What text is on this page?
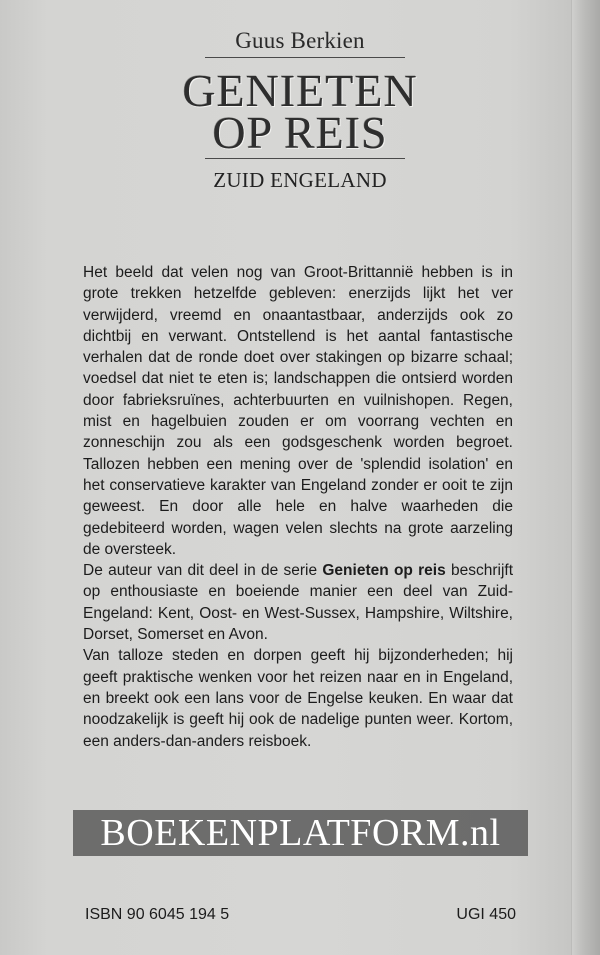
Guus Berkien
GENIETEN
OP REIS
ZUID ENGELAND

Het beeld dat velen nog van Groot-Brittannië hebben is in grote trekken hetzelfde gebleven: enerzijds lijkt het ver verwijderd, vreemd en onaantastbaar, anderzijds ook zo dichtbij en verwant. Ontstellend is het aantal fantastische verhalen dat de ronde doet over stakingen op bizarre schaal; voedsel dat niet te eten is; landschappen die ontsierd worden door fabrieksruïnes, achterbuurten en vuilnishopen. Regen, mist en hagelbuien zouden er om voorrang vechten en zonneschijn zou als een godsgeschenk worden begroet. Tallozen hebben een mening over de 'splendid isolation' en het conservatieve karakter van Engeland zonder er ooit te zijn geweest. En door alle hele en halve waarheden die gedebiteerd worden, wagen velen slechts na grote aarzeling de oversteek.

De auteur van dit deel in de serie Genieten op reis beschrijft op enthousiaste en boeiende manier een deel van Zuid-Engeland: Kent, Oost- en West-Sussex, Hampshire, Wiltshire, Dorset, Somerset en Avon.

Van talloze steden en dorpen geeft hij bijzonderheden; hij geeft praktische wenken voor het reizen naar en in Engeland, en breekt ook een lans voor de Engelse keuken. En waar dat noodzakelijk is geeft hij ook de nadelige punten weer. Kortom, een anders-dan-anders reisboek.

BOEKENPLATFORM.nl
ISBN 90 6045 194 5	UGI 450
